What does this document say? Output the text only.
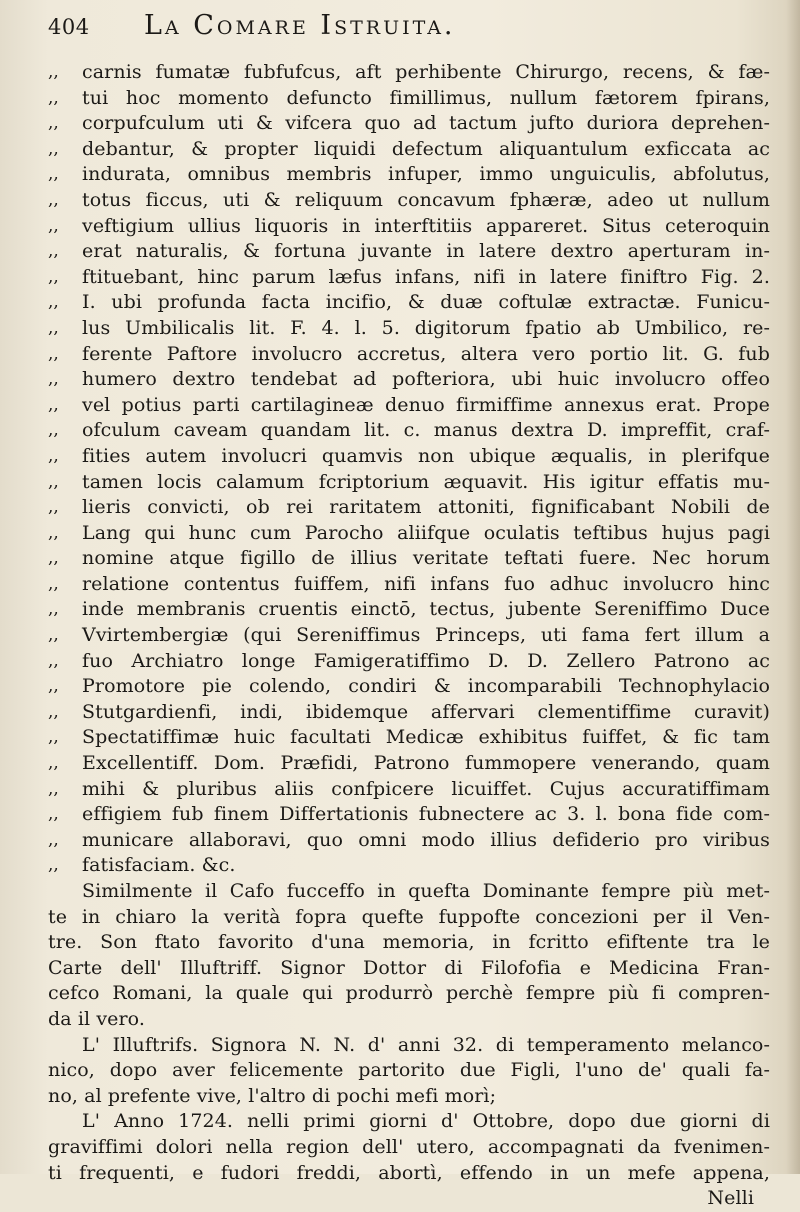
404	La Comare Istruita.
,,	carnis fumatæ fubfufcus, aft perhibente Chirurgo, recens, & fæ-
,,	tui hoc momento defuncto fimillimus, nullum fætorem fpirans,
,,	corpufculum uti & vifcera quo ad tactum jufto duriora deprehen-
,,	debantur, & propter liquidi defectum aliquantulum exficcata ac
,,	indurata, omnibus membris infuper, immo unguiculis, abfolutus,
,,	totus ficcus, uti & reliquum concavum fphæræ, adeo ut nullum
,,	veftigium ullius liquoris in interftitiis appareret. Situs ceteroquin
,,	erat naturalis, & fortuna juvante in latere dextro aperturam in-
,,	ftituebant, hinc parum læfus infans, nifi in latere finiftro Fig. 2.
,,	I. ubi profunda facta incifio, & duæ coftulæ extractæ. Funicu-
,,	lus Umbilicalis lit. F. 4. l. 5. digitorum fpatio ab Umbilico, re-
,,	ferente Paftore involucro accretus, altera vero portio lit. G. fub
,,	humero dextro tendebat ad pofteriora, ubi huic involucro offeo
,,	vel potius parti cartilagineæ denuo firmiffime annexus erat. Prope
,,	ofculum caveam quandam lit. c. manus dextra D. impreffit, craf-
,,	fities autem involucri quamvis non ubique æqualis, in plerifque
,,	tamen locis calamum fcriptorium æquavit. His igitur effatis mu-
,,	lieris convicti, ob rei raritatem attoniti, fignificabant Nobili de
,,	Lang qui hunc cum Parocho aliifque oculatis teftibus hujus pagi
,,	nomine atque figillo de illius veritate teftati fuere. Nec horum
,,	relatione contentus fuiffem, nifi infans fuo adhuc involucro hinc
,,	inde membranis cruentis einctō, tectus, jubente Sereniffimo Duce
,,	Vvirtembergiæ (qui Sereniffimus Princeps, uti fama fert illum a
,,	fuo Archiatro longe Famigeratiffimo D. D. Zellero Patrono ac
,,	Promotore pie colendo, condiri & incomparabili Technophylacio
,,	Stutgardienfi, indi, ibidemque affervari clementiffime curavit)
,,	Spectatiffimæ huic facultati Medicæ exhibitus fuiffet, & fic tam
,,	Excellentiff. Dom. Præfidi, Patrono fummopere venerando, quam
,,	mihi & pluribus aliis confpicere licuiffet. Cujus accuratiffimam
,,	effigiem fub finem Differtationis fubnectere ac 3. l. bona fide com-
,,	municare allaboravi, quo omni modo illius defiderio pro viribus
,,	fatisfaciam. &c.
Similmente il Cafo fucceffo in quefta Dominante fempre più met-
te in chiaro la verità fopra quefte fuppofte concezioni per il Ven-
tre. Son ftato favorito d'una memoria, in fcritto efiftente tra le
Carte dell' Illuftriff. Signor Dottor di Filofofia e Medicina Fran-
cefco Romani, la quale qui produrrò perchè fempre più fi compren-
da il vero.
L' Illuftrifs. Signora N. N. d' anni 32. di temperamento melanco-
nico, dopo aver felicemente partorito due Figli, l'uno de' quali fa-
no, al prefente vive, l'altro di pochi mefi morì;
L' Anno 1724. nelli primi giorni d' Ottobre, dopo due giorni di
graviffimi dolori nella region dell' utero, accompagnati da fvenimen-
ti frequenti, e fudori freddi, abortì, effendo in un mefe appena,
Nelli
